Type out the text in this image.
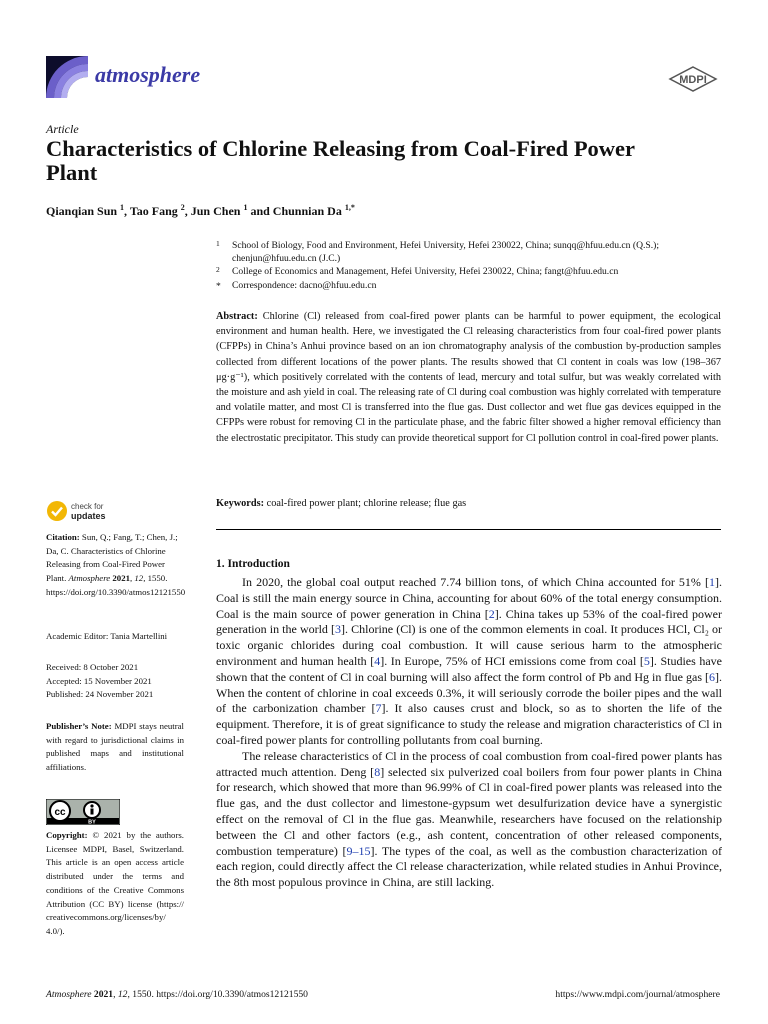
atmosphere	MDPI
Article
Characteristics of Chlorine Releasing from Coal-Fired Power Plant
Qianqian Sun $^1$, Tao Fang $^2$, Jun Chen $^1$ and Chunnian Da $^{1,*}$
1 School of Biology, Food and Environment, Hefei University, Hefei 230022, China; sunqq@hfuu.edu.cn (Q.S.); chenjun@hfuu.edu.cn (J.C.)
2 College of Economics and Management, Hefei University, Hefei 230022, China; fangt@hfuu.edu.cn
* Correspondence: dacno@hfuu.edu.cn
Abstract: Chlorine (Cl) released from coal-fired power plants can be harmful to power equipment, the ecological environment and human health. Here, we investigated the Cl releasing characteristics from four coal-fired power plants (CFPPs) in China’s Anhui province based on an ion chromatography analysis of the combustion by-production samples collected from different locations of the power plants. The results showed that Cl content in coals was low (198–367 μg·g⁻¹), which positively correlated with the contents of lead, mercury and total sulfur, but was weakly correlated with the moisture and ash yield in coal. The releasing rate of Cl during coal combustion was highly correlated with temperature and volatile matter, and most Cl is transferred into the flue gas. Dust collector and wet flue gas devices equipped in the CFPPs were robust for removing Cl in the particulate phase, and the fabric filter showed a higher removal efficiency than the electrostatic precipitator. This study can provide theoretical support for Cl pollution control in coal-fired power plants.
Keywords: coal-fired power plant; chlorine release; flue gas
check for
updates
Citation: Sun, Q.; Fang, T.; Chen, J.; Da, C. Characteristics of Chlorine Releasing from Coal-Fired Power Plant. Atmosphere 2021, 12, 1550. https://doi.org/10.3390/atmos12121550
Academic Editor: Tania Martellini
Received: 8 October 2021
Accepted: 15 November 2021
Published: 24 November 2021
Publisher’s Note: MDPI stays neutral with regard to jurisdictional claims in published maps and institutional affiliations.
cc
BY
Copyright: © 2021 by the authors. Licensee MDPI, Basel, Switzerland. This article is an open access article distributed under the terms and conditions of the Creative Commons Attribution (CC BY) license (https:// creativecommons.org/licenses/by/ 4.0/).
1. Introduction

In 2020, the global coal output reached 7.74 billion tons, of which China accounted for 51% [1]. Coal is still the main energy source in China, accounting for about 60% of the total energy consumption. Coal is the main source of power generation in China [2]. China takes up 53% of the coal-fired power generation in the world [3]. Chlorine (Cl) is one of the common elements in coal. It produces HCl, Cl₂ or toxic organic chlorides during coal combustion. It will cause serious harm to the atmospheric environment and human health [4]. In Europe, 75% of HCI emissions come from coal [5]. Studies have shown that the content of Cl in coal burning will also affect the form control of Pb and Hg in flue gas [6]. When the content of chlorine in coal exceeds 0.3%, it will seriously corrode the boiler pipes and the wall of the carbonization chamber [7]. It also causes crust and block, so as to shorten the life of the equipment. Therefore, it is of great significance to study the release and migration characteristics of Cl in coal-fired power plants for controlling pollutants from coal burning.

The release characteristics of Cl in the process of coal combustion from coal-fired power plants has attracted much attention. Deng [8] selected six pulverized coal boilers from four power plants in China for research, which showed that more than 96.99% of Cl in coal-fired power plants was released into the flue gas, and the dust collector and limestone-gypsum wet desulfurization device have a synergistic effect on the removal of Cl in the flue gas. Meanwhile, researchers have focused on the relationship between the Cl and other factors (e.g., ash content, concentration of other released components, combustion temperature) [9–15]. The types of the coal, as well as the combustion characterization of each region, could directly affect the Cl release characterization, while related studies in Anhui Province, the 8th most populous province in China, are still lacking.

Atmosphere 2021, 12, 1550. https://doi.org/10.3390/atmos12121550	https://www.mdpi.com/journal/atmosphere
